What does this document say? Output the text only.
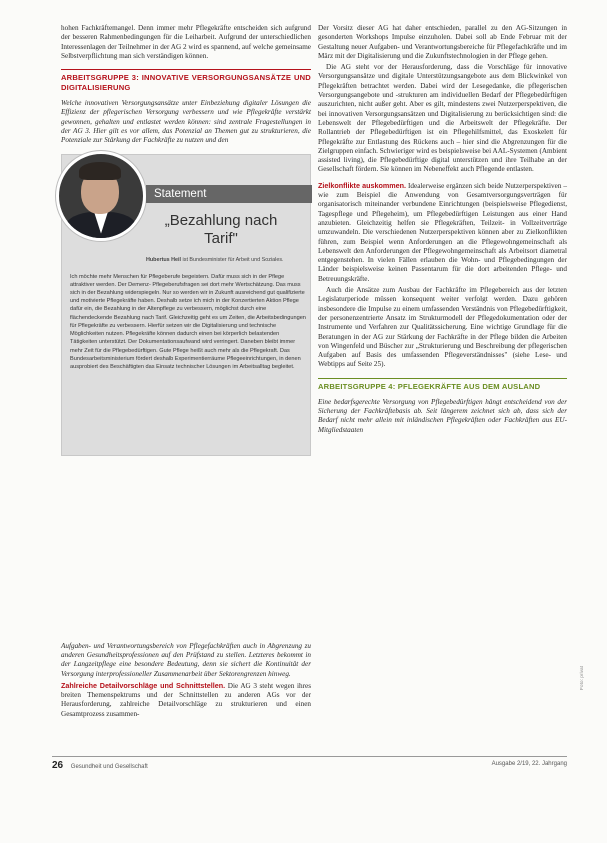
hohen Fachkräftemangel. Denn immer mehr Pflegekräfte entscheiden sich aufgrund der besseren Rahmenbedingungen für die Leiharbeit. Aufgrund der unterschiedlichen Interessenlagen der Teilnehmer in der AG 2 wird es spannend, auf welche gemeinsame Selbstverpflichtung man sich verständigen können.

ARBEITSGRUPPE 3: INNOVATIVE VERSORGUNGSANSÄTZE UND DIGITALISIERUNG

Welche innovativen Versorgungsansätze unter Einbeziehung digitaler Lösungen die Effizienz der pflegerischen Versorgung verbessern und wie Pflegekräfte verstärkt gewonnen, gehalten und entlastet werden können: sind zentrale Fragestellungen in der AG 3. Hier gilt es vor allem, das Potenzial an Themen gut zu strukturieren, die Potenziale zur Stärkung der Fachkräfte zu nutzen und den

Statement
„Bezahlung nach Tarif"
Hubertus Heil ist Bundesminister für Arbeit und Soziales.
Ich möchte mehr Menschen für Pflegeberufe begeistern. Dafür muss sich in der Pflege attraktiver werden. Der Demenz- Pflegeberufsfragen sei dort mehr Wertschätzung. Das muss sich in der Bezahlung widerspiegeln. Nur so werden wir in Zukunft ausreichend gut qualifizierte und motivierte Pflegekräfte haben. Deshalb setze ich mich in der Konzertierten Aktion Pflege dafür ein, die Bezahlung in der Altenpflege zu verbessern, möglichst durch eine flächendeckende Bezahlung nach Tarif. Gleichzeitig geht es um Zeiten, die Arbeitsbedingungen für Pflegekräfte zu verbessern. Hierfür setzen wir die Digitalisierung und technische Möglichkeiten nutzen. Pflegekräfte können dadurch einen bei körperlich belastenden Tätigkeiten unterstützt. Der Dokumentationsaufwand wird verringert. Daneben bleibt immer mehr Zeit für die Pflegebedürftigen. Gute Pflege heißt auch mehr als die Pflegekraft. Das Bundesarbeitsministerium fördert deshalb Experimentierräume Pflegeeinrichtungen, in denen ausprobiert des Beschäftigten das Einsatz technischer Lösungen im Arbeitsalltag begleitet.

Aufgaben- und Verantwortungsbereich von Pflegefachkräften auch in Abgrenzung zu anderen Gesundheitsprofessionen auf den Prüfstand zu stellen. Letzteres bekommt in der Langzeitpflege eine besondere Bedeutung, denn sie sichert die Kontinuität der Versorgung interprofessioneller Zusammenarbeit über Sektorengrenzen hinweg.

Zahlreiche Detailvorschläge und Schnittstellen. Die AG 3 steht wegen ihres breiten Themenspektrums und der Schnittstellen zu anderen AGs vor der Herausforderung, zahlreiche Detailvorschläge zu strukturieren und einen Gesamtprozess zusammen-

Der Vorsitz dieser AG hat daher entschieden, parallel zu den AG-Sitzungen in gesonderten Workshops Impulse einzuholen. Dabei soll ab Ende Februar mit der Gestaltung neuer Aufgaben- und Verantwortungsbereiche für Pflegefachkräfte und im März mit der Digitalisierung und die Zukunftstechnologien in der Pflege gehen.

Die AG steht vor der Herausforderung, dass die Vorschläge für innovative Versorgungsansätze und digitale Unterstützungsangebote aus dem Blickwinkel von Pflegekräften betrachtet werden. Dabei wird der Lesegedanke, die pflegerischen Versorgungsangebote und -strukturen am individuellen Bedarf der Pflegebedürftigen auszurichten, nicht außer geht. Aber es gilt, mindestens zwei Nutzerperspektiven, die bei innovativen Versorgungsansätzen und Digitalisierung zu berücksichtigen sind: die Lebenswelt der Pflegebedürftigen und die Arbeitswelt der Pflegekräfte. Der Rollantrieb der Pflegebedürftigen ist ein Pflegehilfsmittel, das Exoskelett für Pflegekräfte zur Entlastung des Rückens auch – hier sind die Abgrenzungen für die Zielgruppen einfach. Schwieriger wird es beispielsweise bei AAL-Systemen (Ambient assisted living), die Pflegebedürftige digital unterstützen und ihre Teilhabe an der Gesellschaft fördern. Sie können im Nebeneffekt auch Pflegende entlasten.

Zielkonflikte auskommen. Idealerweise ergänzen sich beide Nutzerperspektiven – wie zum Beispiel die Anwendung von Gesamtversorgungsverträgen für organisatorisch miteinander verbundene Einrichtungen (beispielsweise Pflegedienst, Tagespflege und Pflegeheim), um Pflegebedürftigen Leistungen aus einer Hand anzubieten. Gleichzeitig helfen sie Pflegekräften, Teilzeit- in Vollzeitverträge umzuwandeln. Die verschiedenen Nutzerperspektiven können aber zu Zielkonflikten führen, zum Beispiel wenn Anforderungen an die Pflegewohngemeinschaft als Lebenswelt den Anforderungen der Pflegewohngemeinschaft als Arbeitsort diametral entgegenstehen. In vielen Fällen erlauben die Wohn- und Pflegebedingungen der Länder beispielsweise keinen Passentarum für die dort arbeitenden Pflege- und Betreuungskräfte.

Auch die Ansätze zum Ausbau der Fachkräfte im Pflegebereich aus der letzten Legislaturperiode müssen konsequent weiter verfolgt werden. Dazu gehören insbesondere die Impulse zu einem umfassenden Verständnis von Pflegebedürftigkeit, der personenzentrierte Ansatz im Strukturmodell der Pflegedokumentation oder der Instrumente und Verfahren zur Qualitätssicherung. Eine wichtige Grundlage für die Beratungen in der AG zur Stärkung der Fachkräfte in der Pflege bilden die Arbeiten von Wingenfeld und Büscher zur „Strukturierung und Beschreibung der pflegerischen Aufgaben auf Basis des umfassenden Pflegeverständnisses" (siehe Lese- und Webtipps auf Seite 25).

ARBEITSGRUPPE 4: PFLEGEKRÄFTE AUS DEM AUSLAND

Eine bedarfsgerechte Versorgung von Pflegebedürftigen hängt entscheidend von der Sicherung der Fachkräftebasis ab. Seit längerem zeichnet sich ab, dass sich der Bedarf nicht mehr allein mit inländischen Pflegekräften oder Fachkräften aus EU-Mitgliedstaaten

26 Gesundheit und Gesellschaft	Ausgabe 2/19, 22. Jahrgang
Foto: privat
